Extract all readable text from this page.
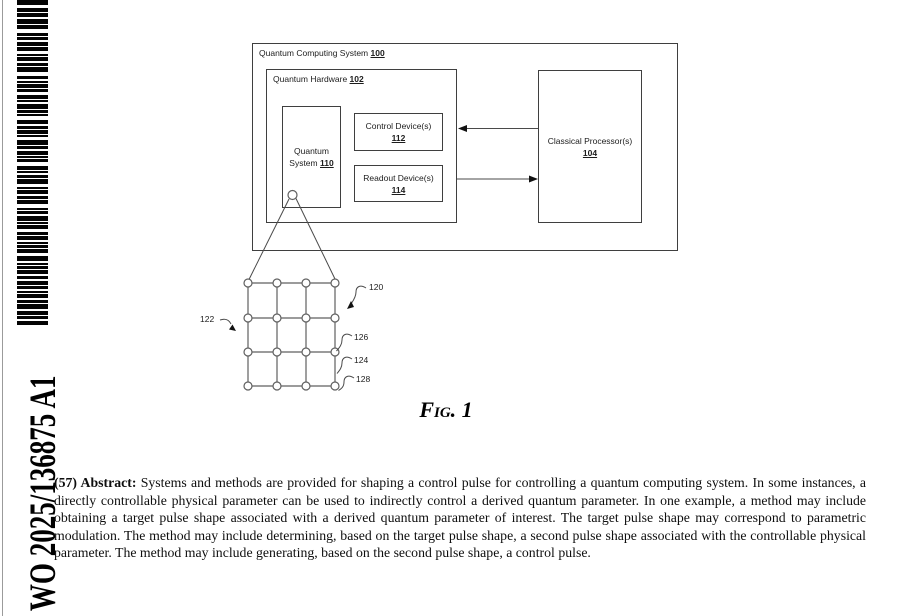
WO 2025/136875 A1
Quantum Computing System 100
Quantum Hardware 102
Quantum
System 110
Control Device(s)
112
Readout Device(s)
114
Classical Processor(s)
104
120
122
126
124
128
Fig. 1
(57) Abstract: Systems and methods are provided for shaping a control pulse for controlling a quantum computing system. In some instances, a directly controllable physical parameter can be used to indirectly control a derived quantum parameter. In one example, a method may include obtaining a target pulse shape associated with a derived quantum parameter of interest. The target pulse shape may correspond to parametric modulation. The method may include determining, based on the target pulse shape, a second pulse shape associated with the controllable physical parameter. The method may include generating, based on the second pulse shape, a control pulse.
